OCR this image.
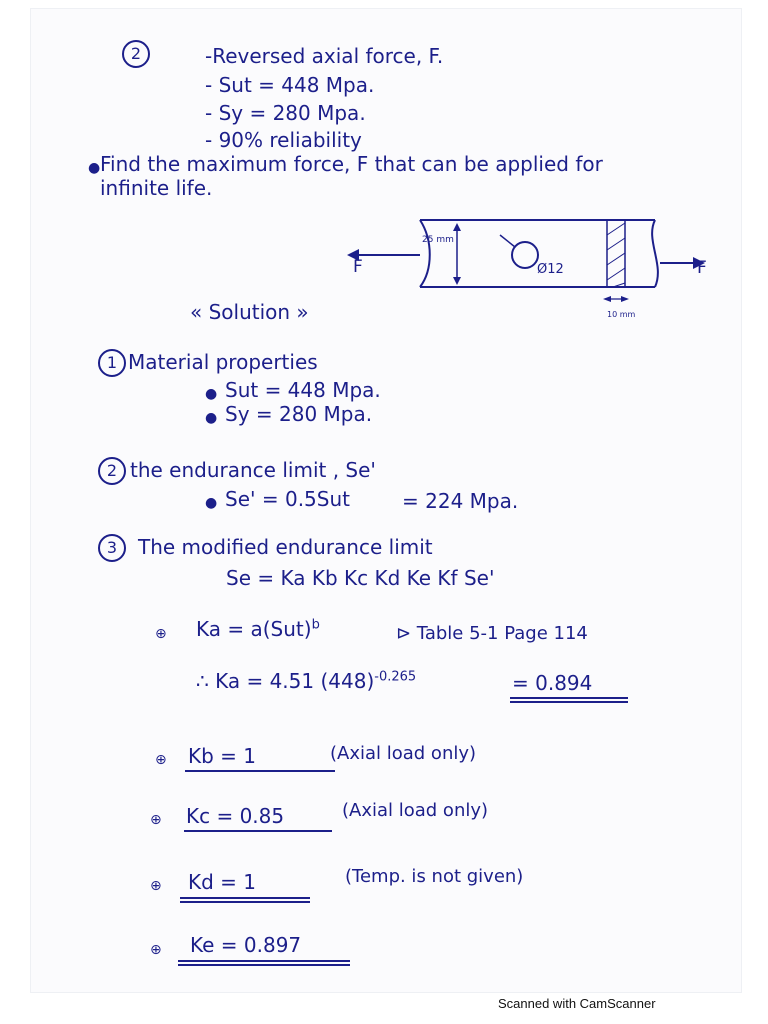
2	-Reversed axial force, F.
- Sut = 448 Mpa.
- Sy = 280 Mpa.
- 90% reliability
● Find the maximum force, F that can be applied for
infinite life.
25 mm
Ø12
F	F
10 mm
« Solution »
1 Material properties
● Sut = 448 Mpa.
● Sy = 280 Mpa.
2 the endurance limit , Se'
● Se' = 0.5Sut	= 224 Mpa.
3	The modified endurance limit
Se = Ka Kb Kc Kd Ke Kf Se'
⊕ Ka = a(Sut)$^b$	⊳ Table 5-1 Page 114
∴ Ka = 4.51 $(448)^{-0.265}$	= 0.894
⊕ Kb = 1	(Axial load only)
⊕ Kc = 0.85	(Axial load only)
⊕ Kd = 1	(Temp. is not given)
⊕ Ke = 0.897
Scanned with CamScanner
